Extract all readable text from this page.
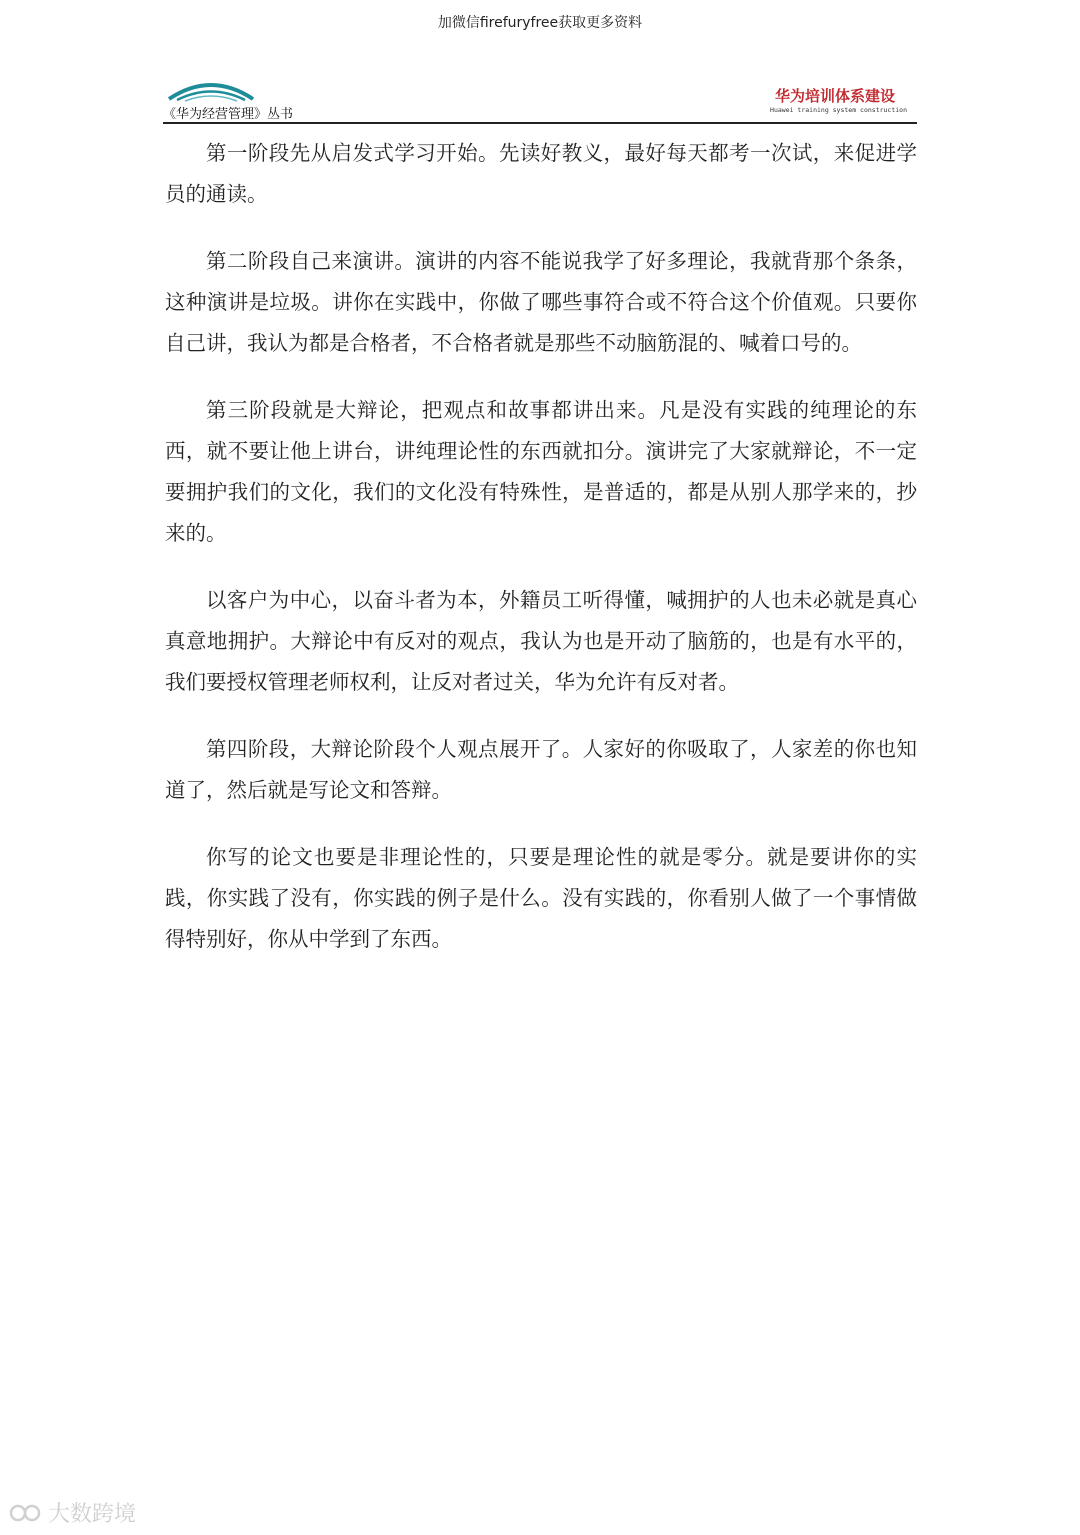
加微信firefuryfree获取更多资料
《华为经营管理》丛书
华为培训体系建设
Huawei training system construction

第一阶段先从启发式学习开始。先读好教义，最好每天都考一次试，来促进学员的通读。

第二阶段自己来演讲。演讲的内容不能说我学了好多理论，我就背那个条条，这种演讲是垃圾。讲你在实践中，你做了哪些事符合或不符合这个价值观。只要你自己讲，我认为都是合格者，不合格者就是那些不动脑筋混的、喊着口号的。

第三阶段就是大辩论，把观点和故事都讲出来。凡是没有实践的纯理论的东西，就不要让他上讲台，讲纯理论性的东西就扣分。演讲完了大家就辩论，不一定要拥护我们的文化，我们的文化没有特殊性，是普适的，都是从别人那学来的，抄来的。

以客户为中心，以奋斗者为本，外籍员工听得懂，喊拥护的人也未必就是真心真意地拥护。大辩论中有反对的观点，我认为也是开动了脑筋的，也是有水平的，我们要授权管理老师权利，让反对者过关，华为允许有反对者。

第四阶段，大辩论阶段个人观点展开了。人家好的你吸取了，人家差的你也知道了，然后就是写论文和答辩。

你写的论文也要是非理论性的，只要是理论性的就是零分。就是要讲你的实践，你实践了没有，你实践的例子是什么。没有实践的，你看别人做了一个事情做得特别好，你从中学到了东西。

大数跨境
